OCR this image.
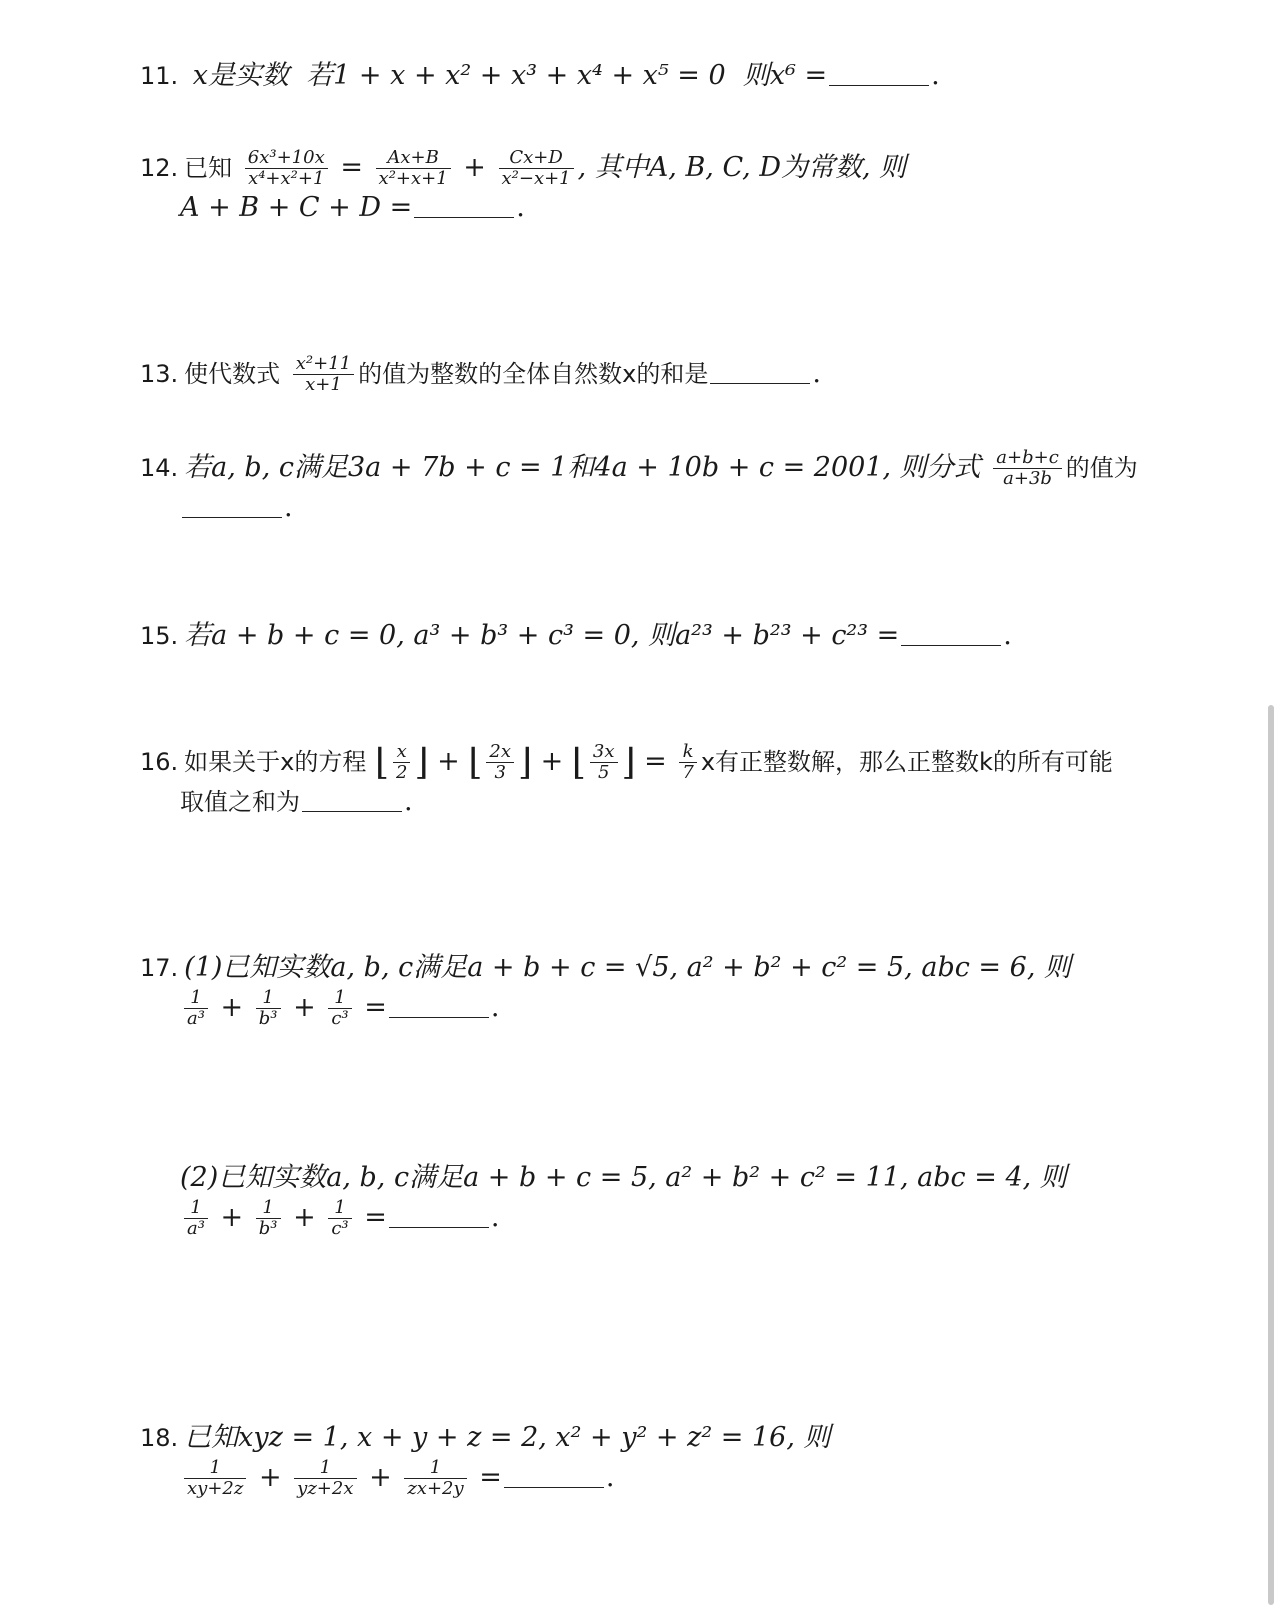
11. x是实数 若1 + x + x² + x³ + x⁴ + x⁵ = 0 则x⁶ =	.
12. 已知 $\frac{\text{6x³+10x}}{\text{x⁴+x²+1}} = \frac{Ax+B}{\text{x²+x+1}} + \frac{Cx+D}{\text{x²−x+1}}$ , 其中A, B, C, D为常数, 则
A + B + C + D =	.
13. 使代数式 $\frac{\text{x²+11}}{x+1}$ 的值为整数的全体自然数x的和是	.
14. 若a, b, c满足3a + 7b + c = 1和4a + 10b + c = 2001, 则分式 $\frac{a+b+c}{a+3b}$ 的值为
.
15. 若a + b + c = 0, a³ + b³ + c³ = 0, 则a²³ + b²³ + c²³ =	.
16. 如果关于x的方程 ⌊ $\frac{x}{2}$ ⌋ + ⌊ $\frac{2x}{3}$ ⌋ + ⌊ $\frac{3x}{5}$ ⌋ = $\frac{k}{7}$ x有正整数解，那么正整数k的所有可能
取值之和为	.
17. (1)已知实数a, b, c满足a + b + c = √5, a² + b² + c² = 5, abc = 6, 则
$\frac{1}{\text{a³}} + \frac{1}{\text{b³}} + \frac{1}{\text{c³}}$ =	.
(2)已知实数a, b, c满足a + b + c = 5, a² + b² + c² = 11, abc = 4, 则
$\frac{1}{\text{a³}} + \frac{1}{\text{b³}} + \frac{1}{\text{c³}}$ =	.
18. 已知xyz = 1, x + y + z = 2, x² + y² + z² = 16, 则
$\frac{1}{xy+2z} + \frac{1}{yz+2x} + \frac{1}{zx+2y}$ =	.
